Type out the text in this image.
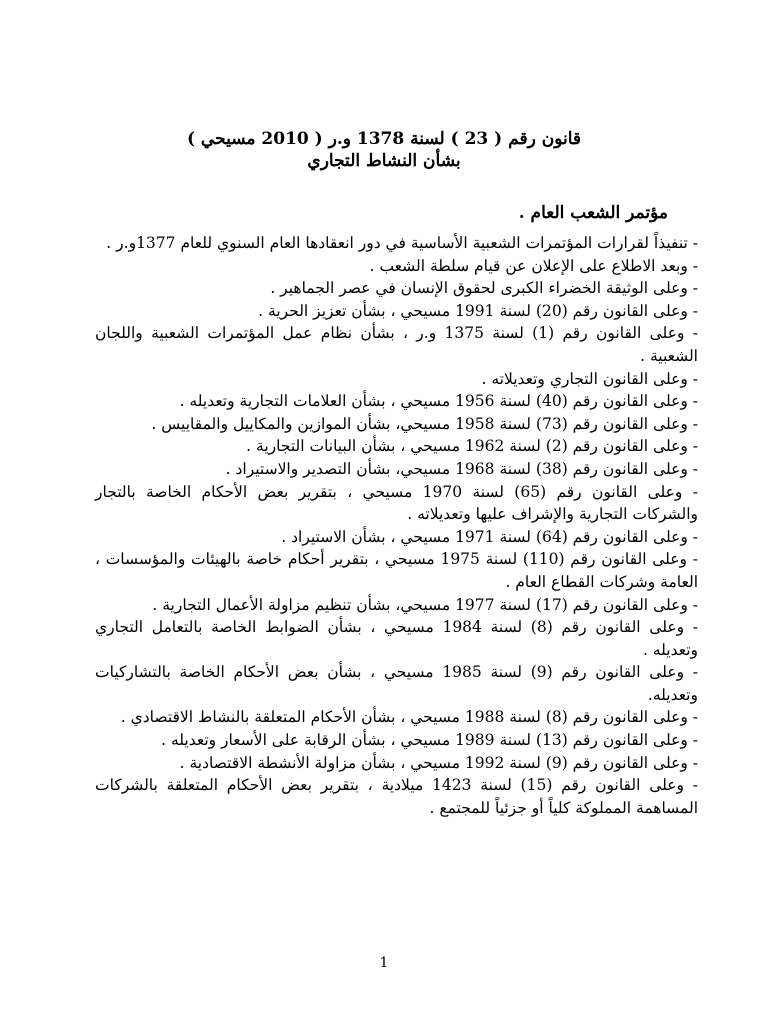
قانون رقم ( 23 ) لسنة 1378 و.ر ( 2010 مسيحي )
بشأن النشاط التجاري
مؤتمر الشعب العام .

- تنفيذاً لقرارات المؤتمرات الشعبية الأساسية في دور انعقادها العام السنوي للعام 1377و.ر .

- وبعد الاطلاع على الإعلان عن قيام سلطة الشعب .

- وعلى الوثيقة الخضراء الكبرى لحقوق الإنسان في عصر الجماهير .

- وعلى القانون رقم (20) لسنة 1991 مسيحي ، بشأن تعزيز الحرية .

- وعلى القانون رقم (1) لسنة 1375 و.ر ، بشأن نظام عمل المؤتمرات الشعبية واللجان الشعبية .

- وعلى القانون التجاري وتعديلاته .

- وعلى القانون رقم (40) لسنة 1956 مسيحي ، بشأن العلامات التجارية وتعديله .

- وعلى القانون رقم (73) لسنة 1958 مسيحي، بشأن الموازين والمكاييل والمقاييس .

- وعلى القانون رقم (2) لسنة 1962 مسيحي ، بشأن البيانات التجارية .

- وعلى القانون رقم (38) لسنة 1968 مسيحي، بشأن التصدير والاستيراد .

- وعلى القانون رقم (65) لسنة 1970 مسيحي ، بتقرير بعض الأحكام الخاصة بالتجار والشركات التجارية والإشراف عليها وتعديلاته .

- وعلى القانون رقم (64) لسنة 1971 مسيحي ، بشأن الاستيراد .

- وعلى القانون رقم (110) لسنة 1975 مسيحي ، بتقرير أحكام خاصة بالهيئات والمؤسسات ، العامة وشركات القطاع العام .

- وعلى القانون رقم (17) لسنة 1977 مسيحي، بشأن تنظيم مزاولة الأعمال التجارية .

- وعلى القانون رقم (8) لسنة 1984 مسيحي ، بشأن الضوابط الخاصة بالتعامل التجاري وتعديله .

- وعلى القانون رقم (9) لسنة 1985 مسيحي ، بشأن بعض الأحكام الخاصة بالتشاركيات وتعديله.

- وعلى القانون رقم (8) لسنة 1988 مسيحي ، بشأن الأحكام المتعلقة بالنشاط الاقتصادي .

- وعلى القانون رقم (13) لسنة 1989 مسيحي ، بشأن الرقابة على الأسعار وتعديله .

- وعلى القانون رقم (9) لسنة 1992 مسيحي ، بشأن مزاولة الأنشطة الاقتصادية .

- وعلى القانون رقم (15) لسنة 1423 ميلادية ، بتقرير بعض الأحكام المتعلقة بالشركات المساهمة المملوكة كلياً أو جزئياً للمجتمع .

1
